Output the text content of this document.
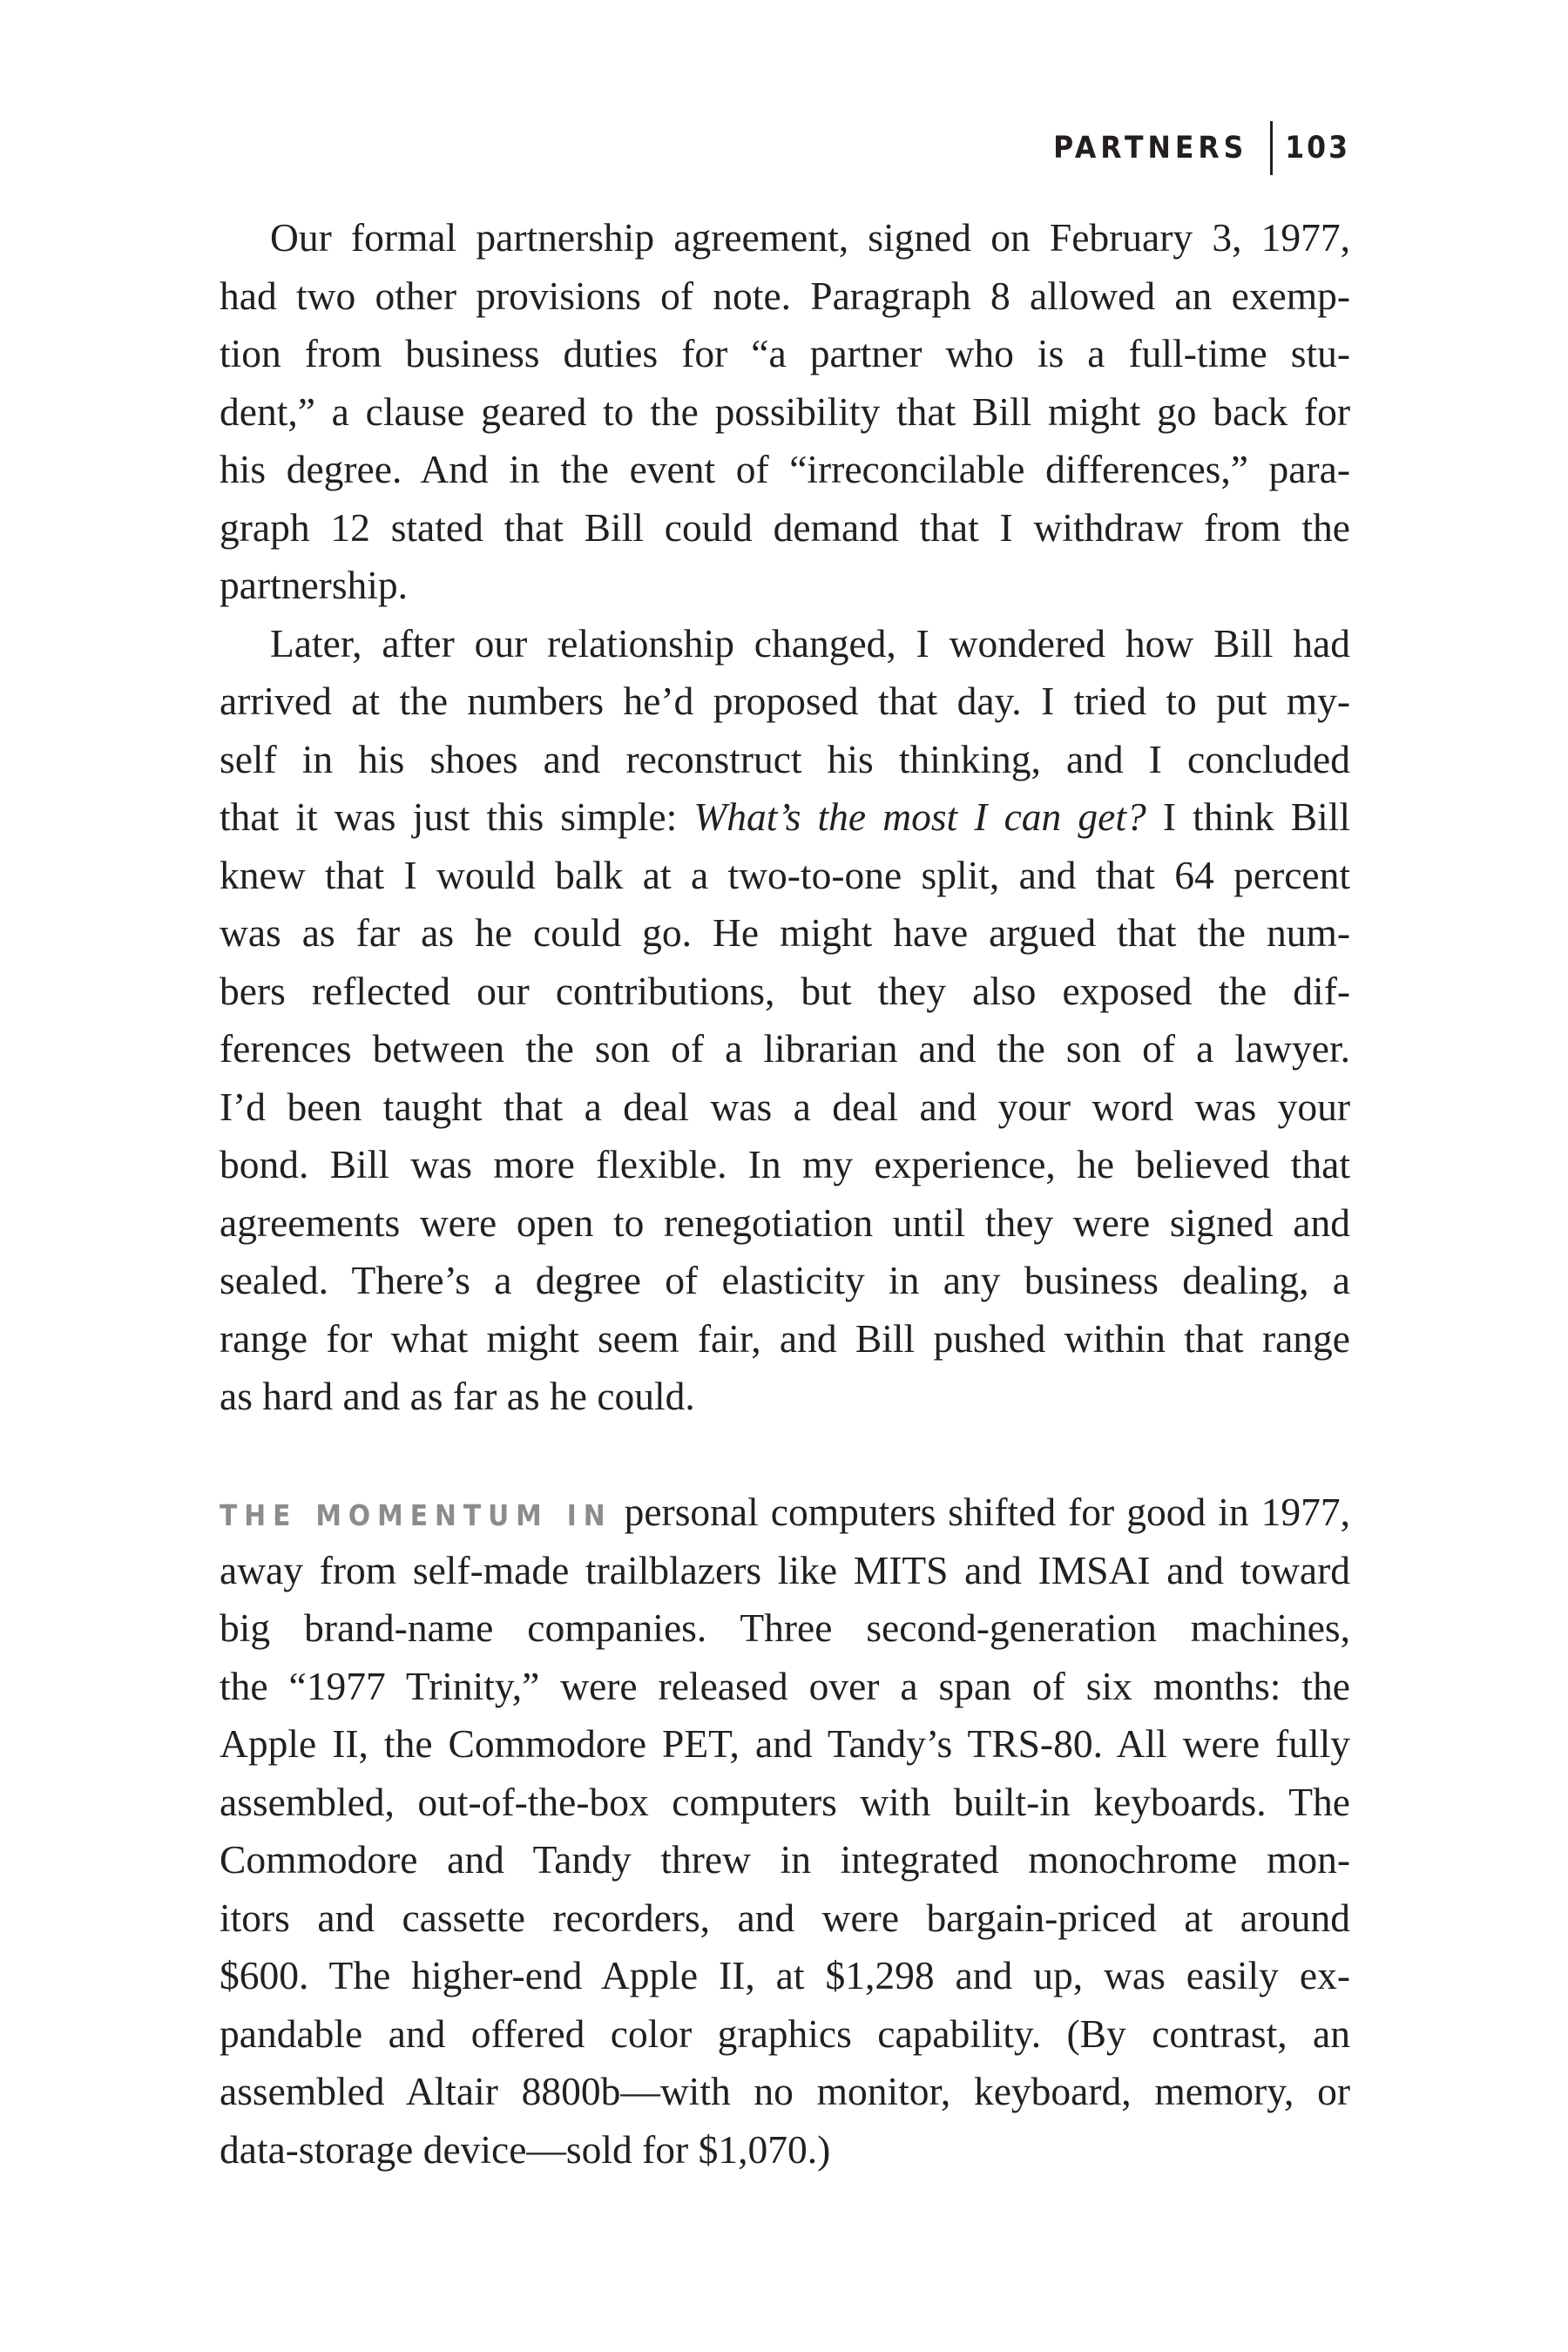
PARTNERS	103
Our formal partnership agreement, signed on February 3, 1977,
had two other provisions of note. Paragraph 8 allowed an exemp-
tion from business duties for “a partner who is a full-time stu-
dent,” a clause geared to the possibility that Bill might go back for
his degree. And in the event of “irreconcilable differences,” para-
graph 12 stated that Bill could demand that I withdraw from the
partnership.
Later, after our relationship changed, I wondered how Bill had
arrived at the numbers he’d proposed that day. I tried to put my-
self in his shoes and reconstruct his thinking, and I concluded
that it was just this simple: What’s the most I can get? I think Bill
knew that I would balk at a two-to-one split, and that 64 percent
was as far as he could go. He might have argued that the num-
bers reflected our contributions, but they also exposed the dif-
ferences between the son of a librarian and the son of a lawyer.
I’d been taught that a deal was a deal and your word was your
bond. Bill was more flexible. In my experience, he believed that
agreements were open to renegotiation until they were signed and
sealed. There’s a degree of elasticity in any business dealing, a
range for what might seem fair, and Bill pushed within that range
as hard and as far as he could.
THE MOMENTUM IN personal computers shifted for good in 1977,
away from self-made trailblazers like MITS and IMSAI and toward
big brand-name companies. Three second-generation machines,
the “1977 Trinity,” were released over a span of six months: the
Apple II, the Commodore PET, and Tandy’s TRS-80. All were fully
assembled, out-of-the-box computers with built-in keyboards. The
Commodore and Tandy threw in integrated monochrome mon-
itors and cassette recorders, and were bargain-priced at around
$600. The higher-end Apple II, at $1,298 and up, was easily ex-
pandable and offered color graphics capability. (By contrast, an
assembled Altair 8800b—with no monitor, keyboard, memory, or
data-storage device—sold for $1,070.)
